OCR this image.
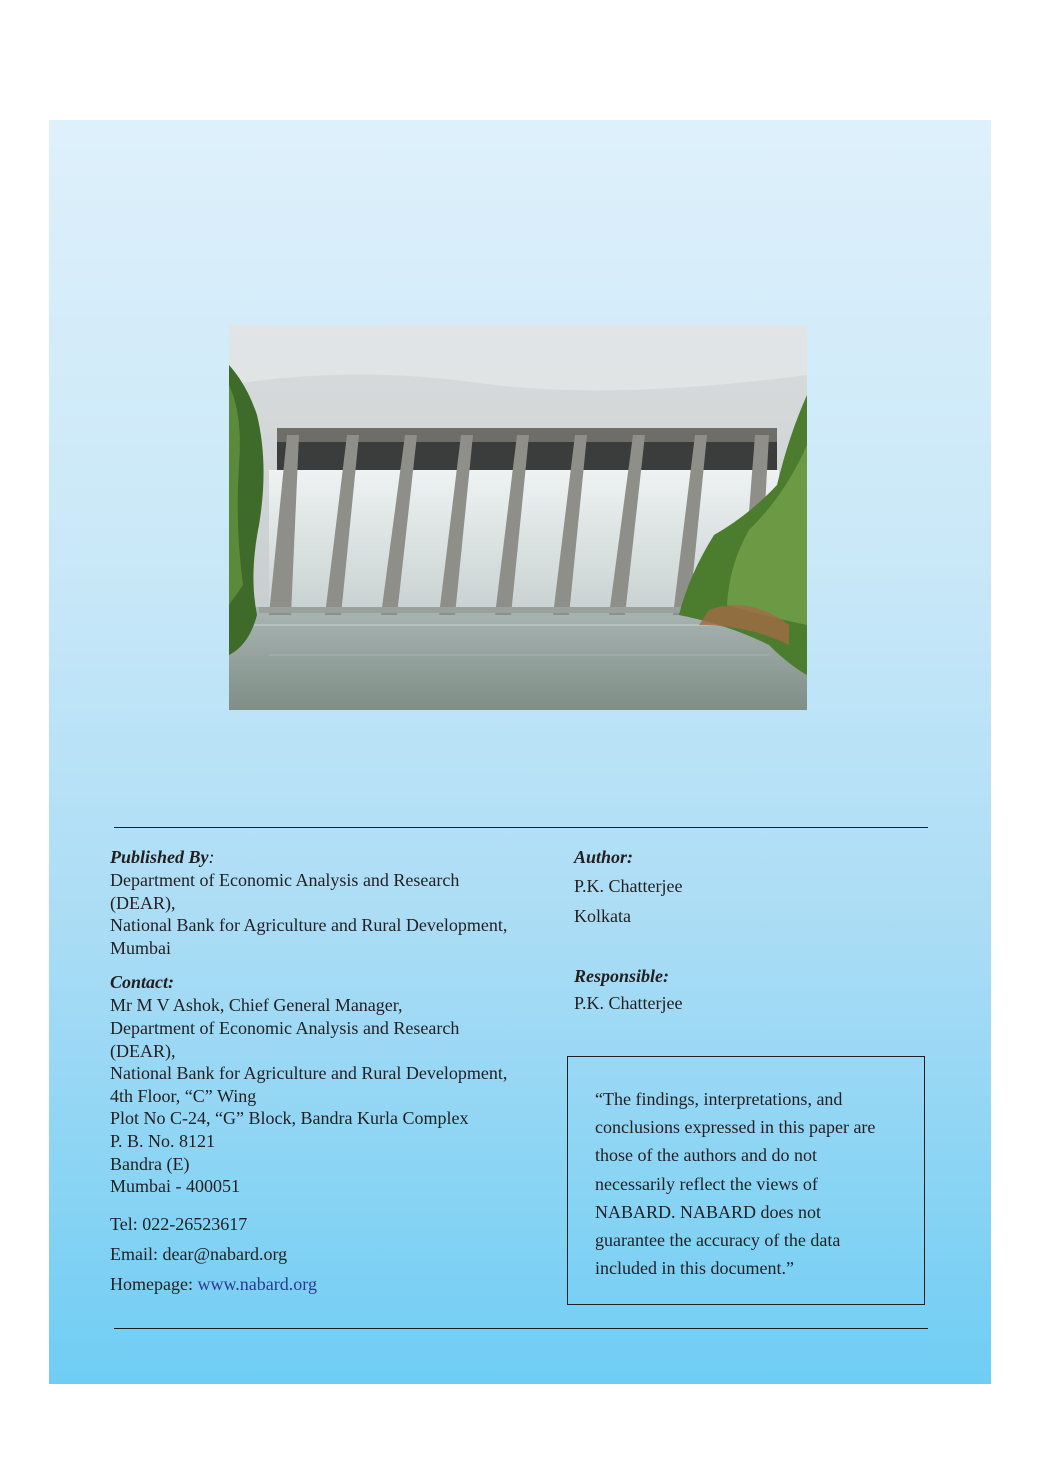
Published By:
Department of Economic Analysis and Research
(DEAR),
National Bank for Agriculture and Rural Development,
Mumbai
Contact:
Mr M V Ashok, Chief General Manager,
Department of Economic Analysis and Research
(DEAR),
National Bank for Agriculture and Rural Development,
4th Floor, “C” Wing
Plot No C-24, “G” Block, Bandra Kurla Complex
P. B. No. 8121
Bandra (E)
Mumbai - 400051
Tel: 022-26523617
Email: dear@nabard.org
Homepage: www.nabard.org
Author:
P.K. Chatterjee
Kolkata
Responsible:
P.K. Chatterjee

“The findings, interpretations, and

conclusions expressed in this paper are

those of the authors and do not

necessarily reflect the views of

NABARD. NABARD does not

guarantee the accuracy of the data

included in this document.”
